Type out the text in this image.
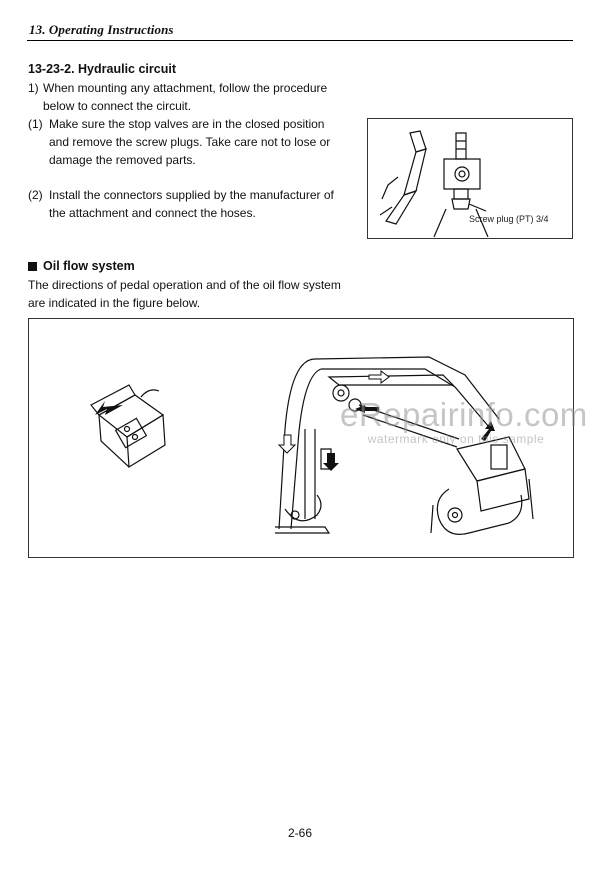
13. Operating Instructions
13-23-2. Hydraulic circuit
1) When mounting any attachment, follow the procedure
below to connect the circuit.
(1) Make sure the stop valves are in the closed position
and remove the screw plugs. Take care not to lose or
damage the removed parts.
(2) Install the connectors supplied by the manufacturer of
the attachment and connect the hoses.	Screw plug (PT) 3/4
Oil flow system
The directions of pedal operation and of the oil flow system
are indicated in the figure below.
eRepairinfo.com
watermark only on this sample
2-66
